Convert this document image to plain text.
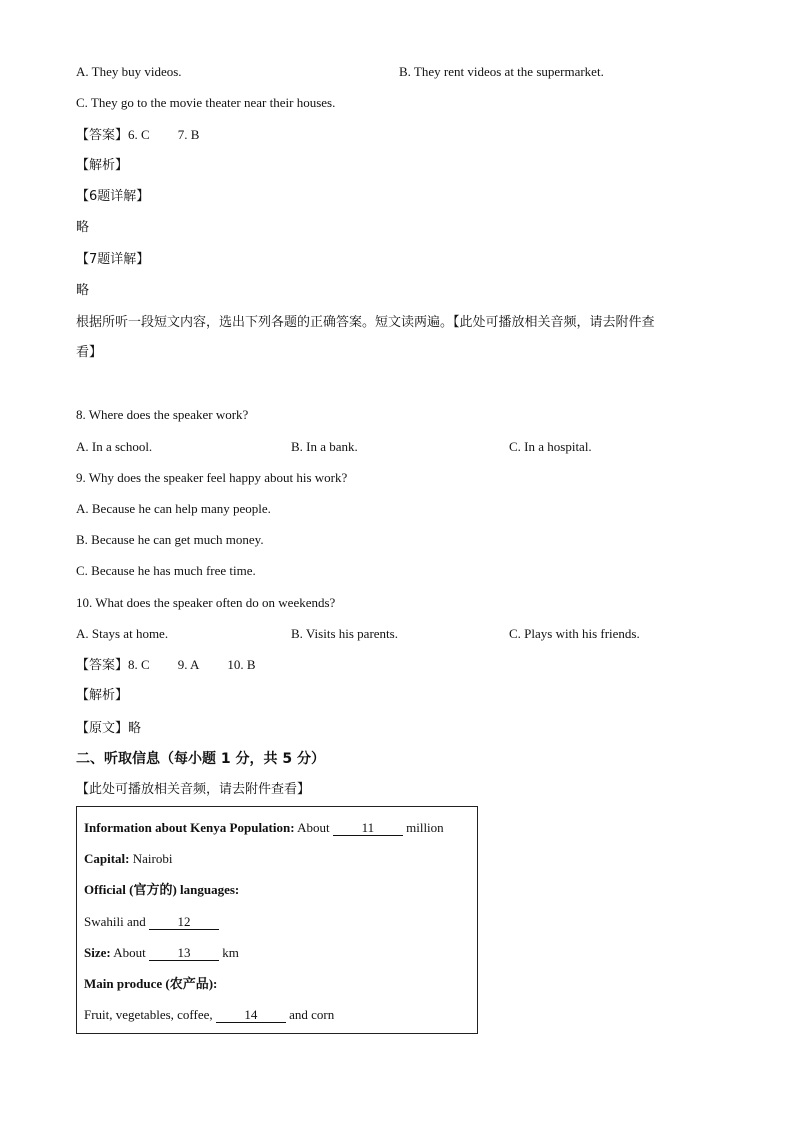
A. They buy videos.	B. They rent videos at the supermarket.
C. They go to the movie theater near their houses.
【答案】6. C 7. B
【解析】
【6题详解】
略
【7题详解】
略
根据所听一段短文内容，选出下列各题的正确答案。短文读两遍。【此处可播放相关音频，请去附件查
看】
8. Where does the speaker work?
A. In a school.	B. In a bank.	C. In a hospital.
9. Why does the speaker feel happy about his work?
A. Because he can help many people.
B. Because he can get much money.
C. Because he has much free time.
10. What does the speaker often do on weekends?
A. Stays at home.	B. Visits his parents.	C. Plays with his friends.
【答案】8. C 9. A 10. B
【解析】
【原文】略
二、听取信息（每小题 1 分，共 5 分）
【此处可播放相关音频，请去附件查看】
Information about Kenya Population: About 11 million
Capital: Nairobi
Official (官方的) languages:
Swahili and 12
Size: About 13 km
Main produce (农产品):
Fruit, vegetables, coffee, 14 and corn
